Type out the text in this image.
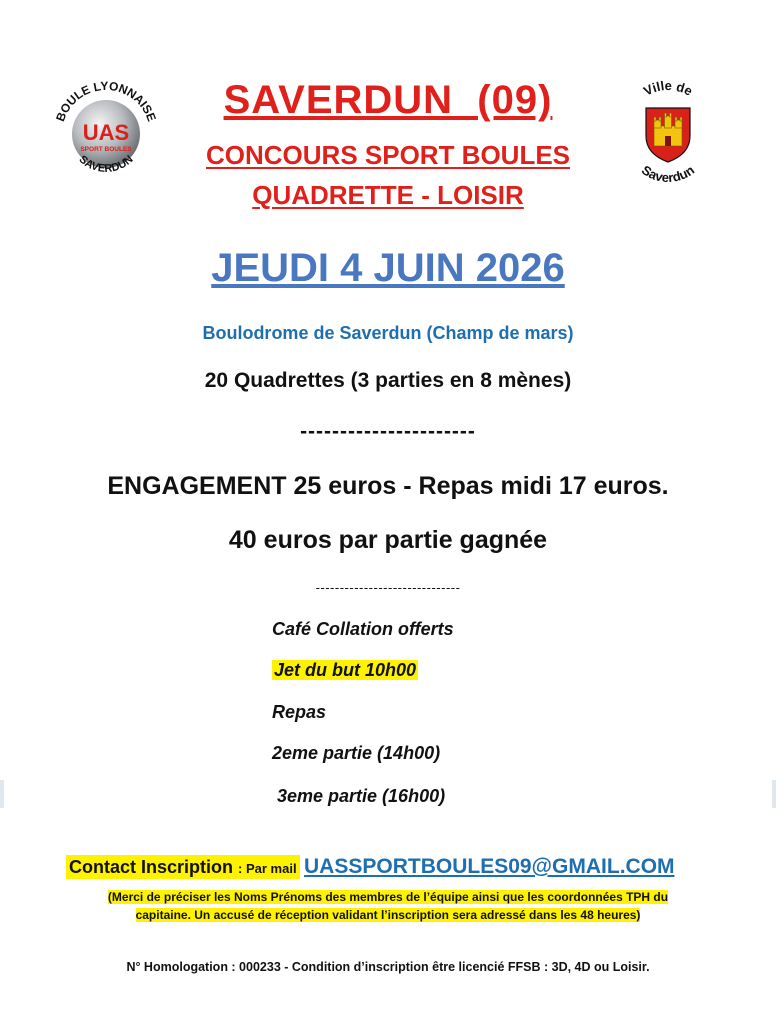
BOULE LYONNAISE
UAS
SPORT BOULES
SAVERDUN
Ville de
Saverdun
SAVERDUN  (09)
CONCOURS SPORT BOULES
QUADRETTE - LOISIR
JEUDI 4 JUIN 2026
Boulodrome de Saverdun (Champ de mars)
20 Quadrettes (3 parties en 8 mènes)
----------------------
ENGAGEMENT 25 euros - Repas midi 17 euros.
40 euros par partie gagnée
------------------------------
Café Collation offerts
Jet du but 10h00
Repas
2eme partie (14h00)
3eme partie (16h00)
Contact Inscription : Par mail UASSPORTBOULES09@GMAIL.COM
(Merci de préciser les Noms Prénoms des membres de l’équipe ainsi que les coordonnées TPH du
capitaine. Un accusé de réception validant l’inscription sera adressé dans les 48 heures)
N° Homologation : 000233 - Condition d’inscription être licencié FFSB : 3D, 4D ou Loisir.
